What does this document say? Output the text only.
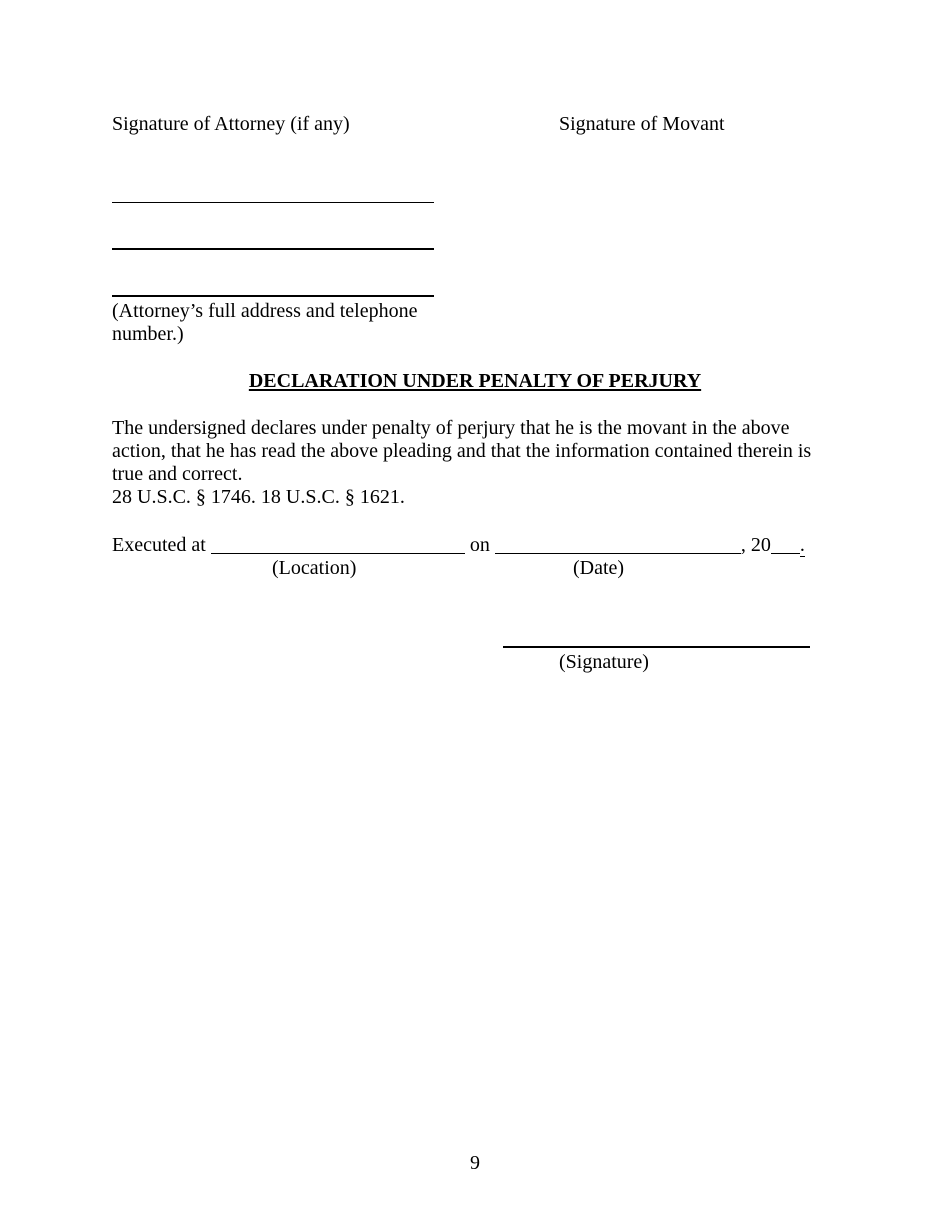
Signature of Attorney (if any)	Signature of Movant
(Attorney’s full address and telephone number.)
DECLARATION UNDER PENALTY OF PERJURY

The undersigned declares under penalty of perjury that he is the movant in the above action, that he has read the above pleading and that the information contained therein is true and correct.

28 U.S.C. § 1746. 18 U.S.C. § 1621.

Executed at	on	, 20 .
(Location)	(Date)
(Signature)
9
